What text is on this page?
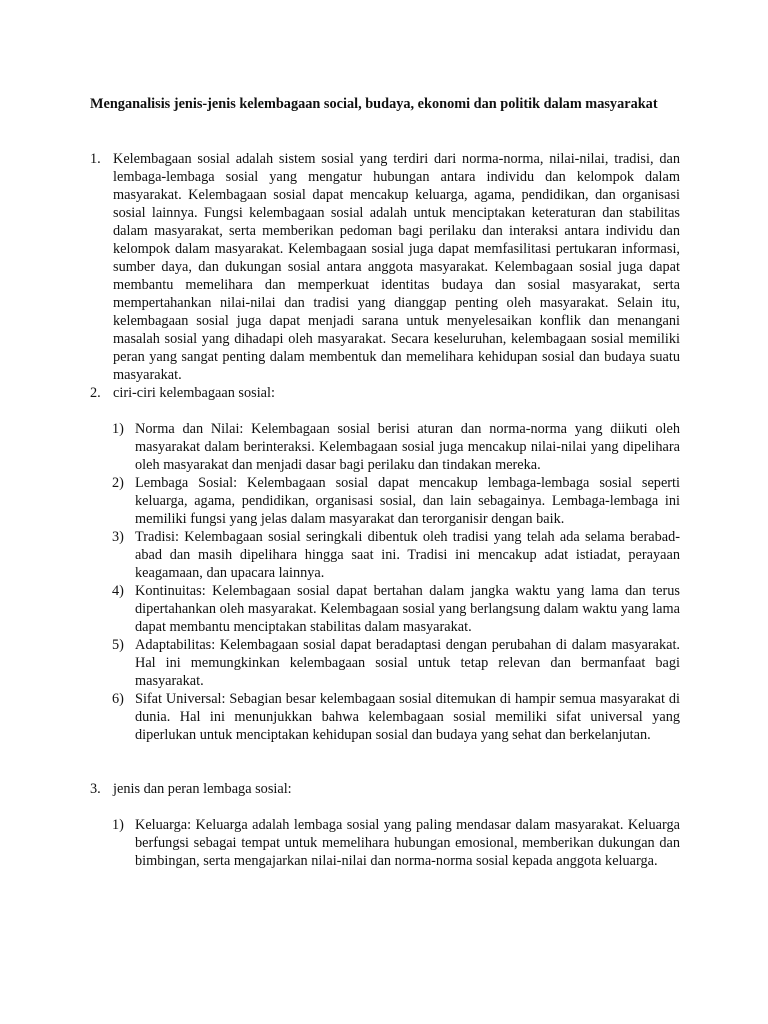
Menganalisis jenis-jenis kelembagaan social, budaya, ekonomi dan politik dalam masyarakat
1. Kelembagaan sosial adalah sistem sosial yang terdiri dari norma-norma, nilai-nilai, tradisi, dan lembaga-lembaga sosial yang mengatur hubungan antara individu dan kelompok dalam masyarakat. Kelembagaan sosial dapat mencakup keluarga, agama, pendidikan, dan organisasi sosial lainnya. Fungsi kelembagaan sosial adalah untuk menciptakan keteraturan dan stabilitas dalam masyarakat, serta memberikan pedoman bagi perilaku dan interaksi antara individu dan kelompok dalam masyarakat. Kelembagaan sosial juga dapat memfasilitasi pertukaran informasi, sumber daya, dan dukungan sosial antara anggota masyarakat. Kelembagaan sosial juga dapat membantu memelihara dan memperkuat identitas budaya dan sosial masyarakat, serta mempertahankan nilai-nilai dan tradisi yang dianggap penting oleh masyarakat. Selain itu, kelembagaan sosial juga dapat menjadi sarana untuk menyelesaikan konflik dan menangani masalah sosial yang dihadapi oleh masyarakat. Secara keseluruhan, kelembagaan sosial memiliki peran yang sangat penting dalam membentuk dan memelihara kehidupan sosial dan budaya suatu masyarakat.

2. ciri-ciri kelembagaan sosial:

1) Norma dan Nilai: Kelembagaan sosial berisi aturan dan norma-norma yang diikuti oleh masyarakat dalam berinteraksi. Kelembagaan sosial juga mencakup nilai-nilai yang dipelihara oleh masyarakat dan menjadi dasar bagi perilaku dan tindakan mereka.

2) Lembaga Sosial: Kelembagaan sosial dapat mencakup lembaga-lembaga sosial seperti keluarga, agama, pendidikan, organisasi sosial, dan lain sebagainya. Lembaga-lembaga ini memiliki fungsi yang jelas dalam masyarakat dan terorganisir dengan baik.

3) Tradisi: Kelembagaan sosial seringkali dibentuk oleh tradisi yang telah ada selama berabad-abad dan masih dipelihara hingga saat ini. Tradisi ini mencakup adat istiadat, perayaan keagamaan, dan upacara lainnya.

4) Kontinuitas: Kelembagaan sosial dapat bertahan dalam jangka waktu yang lama dan terus dipertahankan oleh masyarakat. Kelembagaan sosial yang berlangsung dalam waktu yang lama dapat membantu menciptakan stabilitas dalam masyarakat.

5) Adaptabilitas: Kelembagaan sosial dapat beradaptasi dengan perubahan di dalam masyarakat. Hal ini memungkinkan kelembagaan sosial untuk tetap relevan dan bermanfaat bagi masyarakat.

6) Sifat Universal: Sebagian besar kelembagaan sosial ditemukan di hampir semua masyarakat di dunia. Hal ini menunjukkan bahwa kelembagaan sosial memiliki sifat universal yang diperlukan untuk menciptakan kehidupan sosial dan budaya yang sehat dan berkelanjutan.

3. jenis dan peran lembaga sosial:

1) Keluarga: Keluarga adalah lembaga sosial yang paling mendasar dalam masyarakat. Keluarga berfungsi sebagai tempat untuk memelihara hubungan emosional, memberikan dukungan dan bimbingan, serta mengajarkan nilai-nilai dan norma-norma sosial kepada anggota keluarga.
